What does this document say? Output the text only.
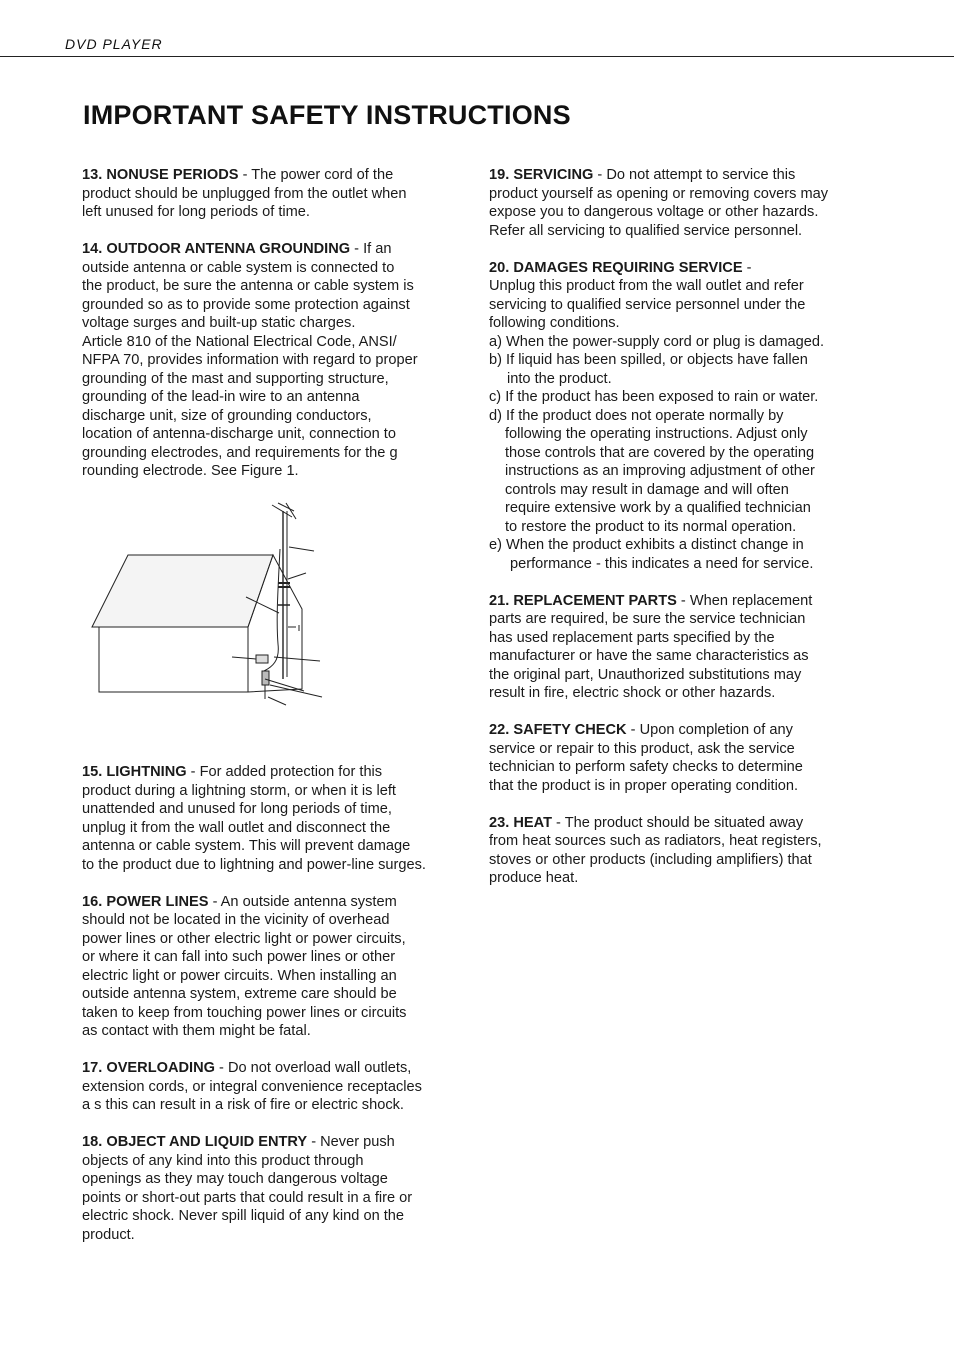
DVD PLAYER
IMPORTANT SAFETY INSTRUCTIONS

13. NONUSE PERIODS - The power cord of the
product should be unplugged from the outlet when
left unused for long periods of time.

14. OUTDOOR ANTENNA GROUNDING - If an
outside antenna or cable system is connected to
the product, be sure the antenna or cable system is
grounded so as to provide some protection against
voltage surges and built-up static charges.
Article 810 of the National Electrical Code, ANSI/
NFPA 70, provides information with regard to proper
grounding of the mast and supporting structure,
grounding of the lead-in wire to an antenna
discharge unit, size of grounding conductors,
location of antenna-discharge unit, connection to
grounding electrodes, and requirements for the g
rounding electrode. See Figure 1.

15. LIGHTNING - For added protection for this
product during a lightning storm, or when it is left
unattended and unused for long periods of time,
unplug it from the wall outlet and disconnect the
antenna or cable system. This will prevent damage
to the product due to lightning and power-line surges.

16. POWER LINES - An outside antenna system
should not be located in the vicinity of overhead
power lines or other electric light or power circuits,
or where it can fall into such power lines or other
electric light or power circuits. When installing an
outside antenna system, extreme care should be
taken to keep from touching power lines or circuits
as contact with them might be fatal.

17. OVERLOADING - Do not overload wall outlets,
extension cords, or integral convenience receptacles
a s this can result in a risk of fire or electric shock.

18. OBJECT AND LIQUID ENTRY - Never push
objects of any kind into this product through
openings as they may touch dangerous voltage
points or short-out parts that could result in a fire or
electric shock. Never spill liquid of any kind on the
product.

19. SERVICING - Do not attempt to service this
product yourself as opening or removing covers may
expose you to dangerous voltage or other hazards.
Refer all servicing to qualified service personnel.

20. DAMAGES REQUIRING SERVICE -
Unplug this product from the wall outlet and refer
servicing to qualified service personnel under the
following conditions.
a) When the power-supply cord or plug is damaged.
b) If liquid has been spilled, or objects have fallen
into the product.
c) If the product has been exposed to rain or water.
d) If the product does not operate normally by
following the operating instructions. Adjust only
those controls that are covered by the operating
instructions as an improving adjustment of other
controls may result in damage and will often
require extensive work by a qualified technician
to restore the product to its normal operation.
e) When the product exhibits a distinct change in
performance - this indicates a need for service.

21. REPLACEMENT PARTS - When replacement
parts are required, be sure the service technician
has used replacement parts specified by the
manufacturer or have the same characteristics as
the original part, Unauthorized substitutions may
result in fire, electric shock or other hazards.

22. SAFETY CHECK - Upon completion of any
service or repair to this product, ask the service
technician to perform safety checks to determine
that the product is in proper operating condition.

23. HEAT - The product should be situated away
from heat sources such as radiators, heat registers,
stoves or other products (including amplifiers) that
produce heat.
